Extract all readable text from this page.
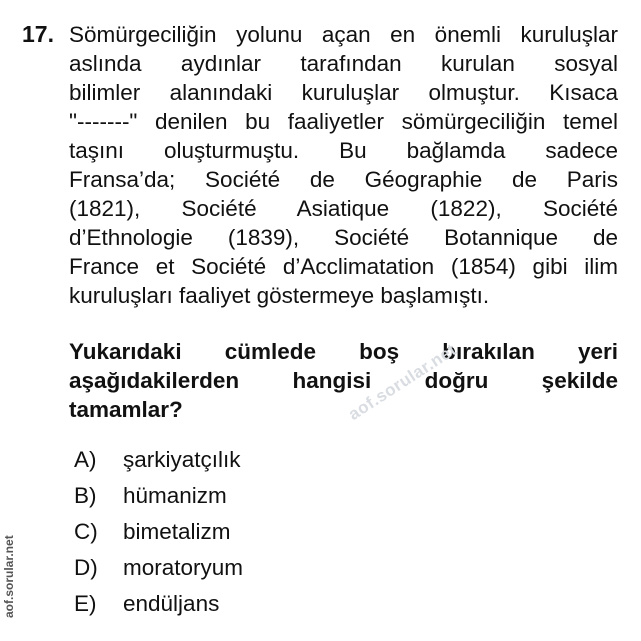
17. Sömürgeciliğin yolunu açan en önemli kuruluşlar
aslında aydınlar tarafından kurulan sosyal
bilimler alanındaki kuruluşlar olmuştur. Kısaca
"-------" denilen bu faaliyetler sömürgeciliğin temel
taşını oluşturmuştu. Bu bağlamda sadece
Fransa’da; Société de Géographie de Paris
(1821), Société Asiatique (1822), Société
d’Ethnologie (1839), Société Botannique de
France et Société d’Acclimatation (1854) gibi ilim
kuruluşları faaliyet göstermeye başlamıştı.
Yukarıdaki cümlede boş bırakılan yeri
aşağıdakilerden hangisi doğru şekilde
tamamlar?
A) şarkiyatçılık
B) hümanizm
C) bimetalizm
D) moratoryum
E) endüljans
aof.sorular.net
aof.sorular.net
